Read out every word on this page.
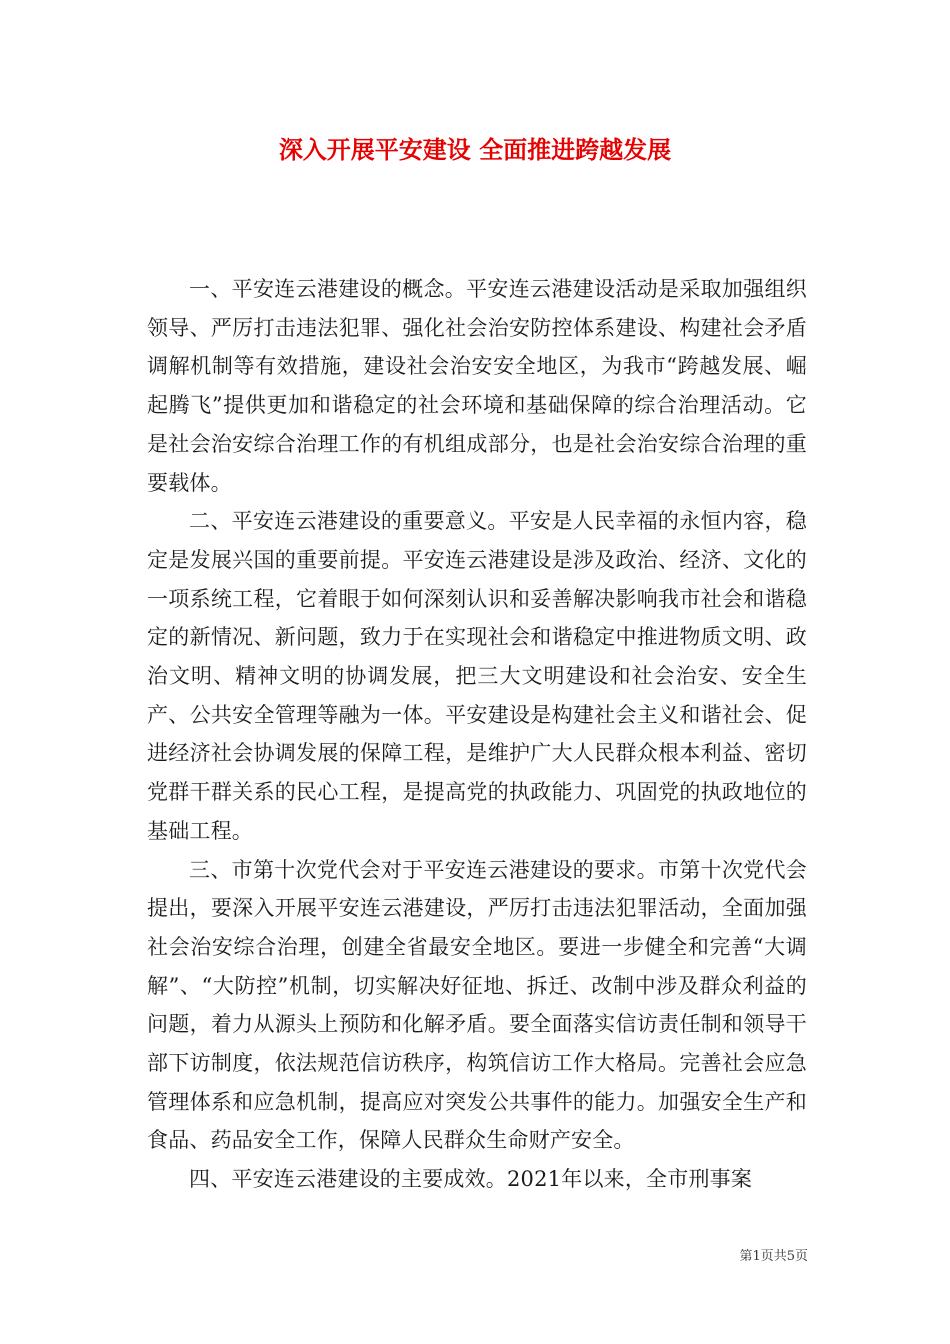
深入开展平安建设 全面推进跨越发展

一、平安连云港建设的概念。平安连云港建设活动是采取加强组织领导、严厉打击违法犯罪、强化社会治安防控体系建设、构建社会矛盾调解机制等有效措施，建设社会治安安全地区，为我市“跨越发展、崛起腾飞”提供更加和谐稳定的社会环境和基础保障的综合治理活动。它是社会治安综合治理工作的有机组成部分，也是社会治安综合治理的重要载体。

二、平安连云港建设的重要意义。平安是人民幸福的永恒内容，稳定是发展兴国的重要前提。平安连云港建设是涉及政治、经济、文化的一项系统工程，它着眼于如何深刻认识和妥善解决影响我市社会和谐稳定的新情况、新问题，致力于在实现社会和谐稳定中推进物质文明、政治文明、精神文明的协调发展，把三大文明建设和社会治安、安全生产、公共安全管理等融为一体。平安建设是构建社会主义和谐社会、促进经济社会协调发展的保障工程，是维护广大人民群众根本利益、密切党群干群关系的民心工程，是提高党的执政能力、巩固党的执政地位的基础工程。

三、市第十次党代会对于平安连云港建设的要求。市第十次党代会提出，要深入开展平安连云港建设，严厉打击违法犯罪活动，全面加强社会治安综合治理，创建全省最安全地区。要进一步健全和完善“大调解”、“大防控”机制，切实解决好征地、拆迁、改制中涉及群众利益的问题，着力从源头上预防和化解矛盾。要全面落实信访责任制和领导干部下访制度，依法规范信访秩序，构筑信访工作大格局。完善社会应急管理体系和应急机制，提高应对突发公共事件的能力。加强安全生产和食品、药品安全工作，保障人民群众生命财产安全。

四、平安连云港建设的主要成效。2021年以来，全市刑事案

第1页共5页
